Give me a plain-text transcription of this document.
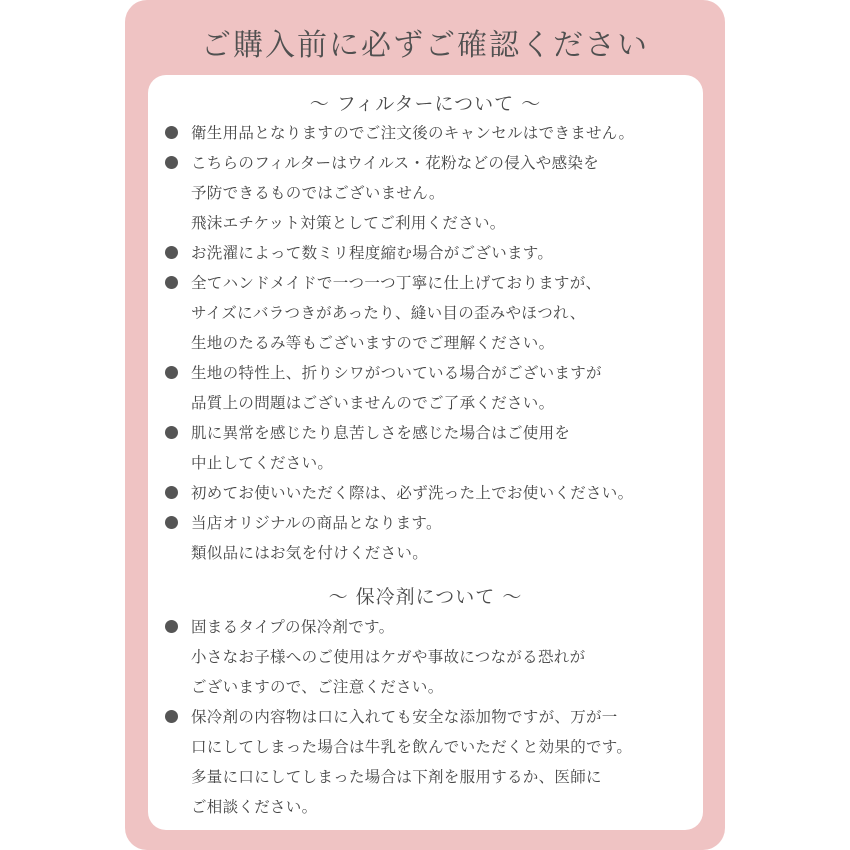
ご購入前に必ずご確認ください
～ フィルターについて ～
衛生用品となりますのでご注文後のキャンセルはできません。
こちらのフィルターはウイルス・花粉などの侵入や感染を
予防できるものではございません。
飛沫エチケット対策としてご利用ください。
お洗濯によって数ミリ程度縮む場合がございます。
全てハンドメイドで一つ一つ丁寧に仕上げておりますが、
サイズにバラつきがあったり、縫い目の歪みやほつれ、
生地のたるみ等もございますのでご理解ください。
生地の特性上、折りシワがついている場合がございますが
品質上の問題はございませんのでご了承ください。
肌に異常を感じたり息苦しさを感じた場合はご使用を
中止してください。
初めてお使いいただく際は、必ず洗った上でお使いください。
当店オリジナルの商品となります。
類似品にはお気を付けください。
～ 保冷剤について ～
固まるタイプの保冷剤です。
小さなお子様へのご使用はケガや事故につながる恐れが
ございますので、ご注意ください。
保冷剤の内容物は口に入れても安全な添加物ですが、万が一
口にしてしまった場合は牛乳を飲んでいただくと効果的です。
多量に口にしてしまった場合は下剤を服用するか、医師に
ご相談ください。
